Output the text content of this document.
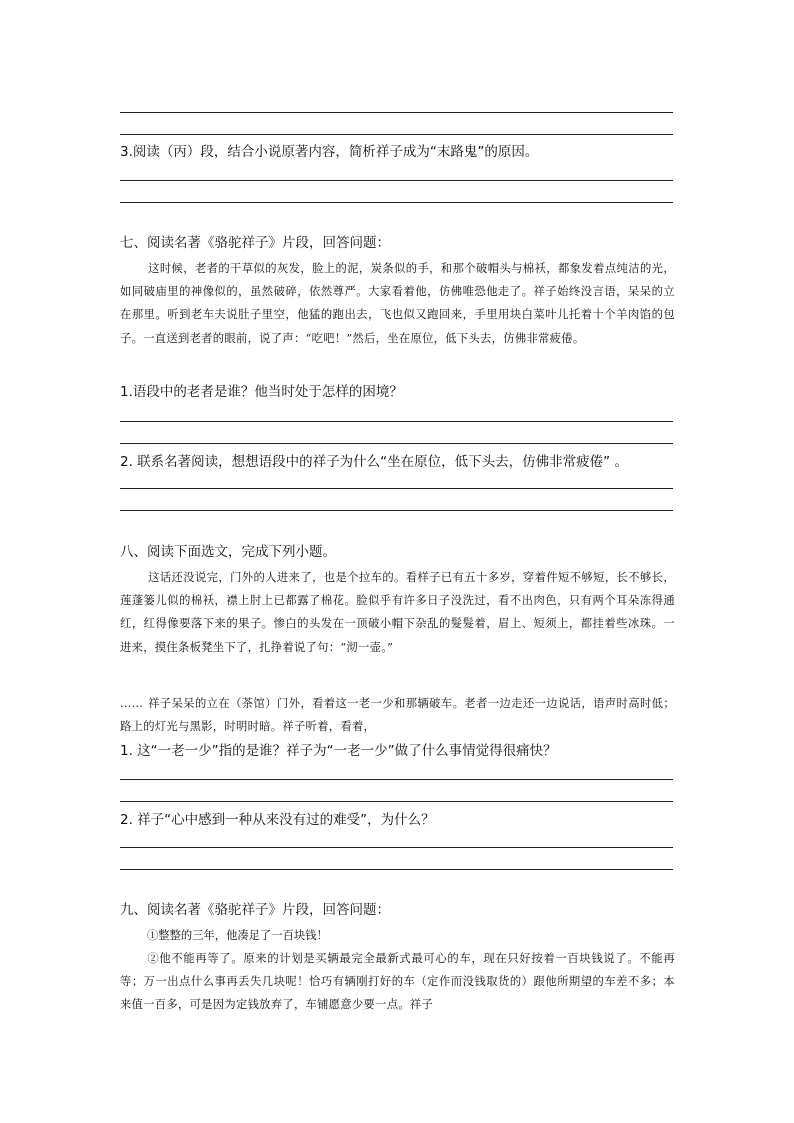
3.阅读（丙）段，结合小说原著内容，简析祥子成为“末路鬼”的原因。
七、阅读名著《骆驼祥子》片段，回答问题：
这时候，老者的干草似的灰发，脸上的泥，炭条似的手，和那个破帽头与棉袄，都象发着点纯洁的光，如同破庙里的神像似的，虽然破碎，依然尊严。大家看着他，仿佛唯恐他走了。祥子始终没言语，呆呆的立在那里。听到老车夫说肚子里空，他猛的跑出去，飞也似又跑回来，手里用块白菜叶儿托着十个羊肉馅的包子。一直送到老者的眼前，说了声：“吃吧！”然后，坐在原位，低下头去，仿佛非常疲倦。
1.语段中的老者是谁？他当时处于怎样的困境？
2. 联系名著阅读，想想语段中的祥子为什么“坐在原位，低下头去，仿佛非常疲倦” 。
八、阅读下面选文，完成下列小题。
这话还没说完，门外的人进来了，也是个拉车的。看样子已有五十多岁，穿着件短不够短，长不够长，莲蓬篓儿似的棉袄，襟上肘上已都露了棉花。脸似乎有许多日子没洗过，看不出肉色，只有两个耳朵冻得通红，红得像要落下来的果子。惨白的头发在一顶破小帽下杂乱的髮髮着，眉上、短须上，都挂着些冰珠。一进来，摸住条板凳坐下了，扎挣着说了句：“沏一壶。”
…… 祥子呆呆的立在（茶馆）门外，看着这一老一少和那辆破车。老者一边走还一边说话，语声时高时低；路上的灯光与黑影，时明时暗。祥子听着，看着，
1. 这“一老一少”指的是谁？祥子为“一老一少”做了什么事情觉得很痛快？
2. 祥子“心中感到一种从来没有过的难受”，为什么？
九、阅读名著《骆驼祥子》片段，回答问题：
①整整的三年，他凑足了一百块钱！
②他不能再等了。原来的计划是买辆最完全最新式最可心的车，现在只好按着一百块钱说了。不能再等；万一出点什么事再丢失几块呢！恰巧有辆刚打好的车（定作而没钱取货的）跟他所期望的车差不多；本来值一百多，可是因为定钱放弃了，车铺愿意少要一点。祥子
